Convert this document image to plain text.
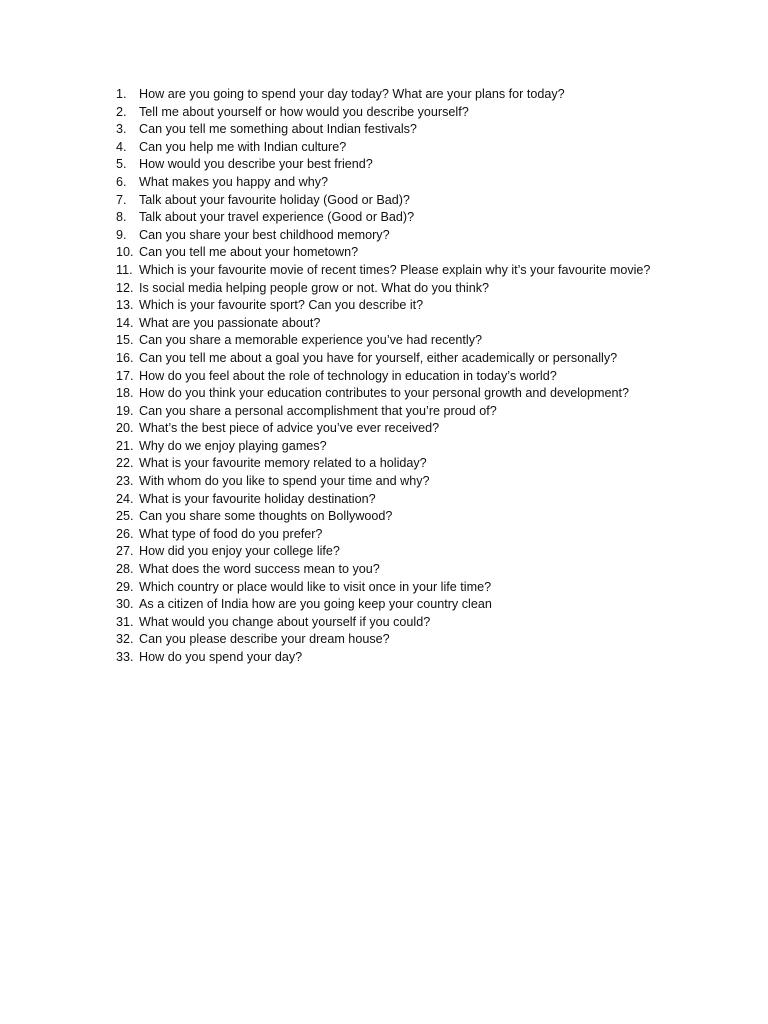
1. How are you going to spend your day today? What are your plans for today?
2. Tell me about yourself or how would you describe yourself?
3. Can you tell me something about Indian festivals?
4. Can you help me with Indian culture?
5. How would you describe your best friend?
6. What makes you happy and why?
7. Talk about your favourite holiday (Good or Bad)?
8. Talk about your travel experience (Good or Bad)?
9. Can you share your best childhood memory?
10. Can you tell me about your hometown?
11. Which is your favourite movie of recent times? Please explain why it’s your favourite movie?
12. Is social media helping people grow or not. What do you think?
13. Which is your favourite sport? Can you describe it?
14. What are you passionate about?
15. Can you share a memorable experience you’ve had recently?
16. Can you tell me about a goal you have for yourself, either academically or personally?
17. How do you feel about the role of technology in education in today’s world?
18. How do you think your education contributes to your personal growth and development?
19. Can you share a personal accomplishment that you’re proud of?
20. What’s the best piece of advice you’ve ever received?
21. Why do we enjoy playing games?
22. What is your favourite memory related to a holiday?
23. With whom do you like to spend your time and why?
24. What is your favourite holiday destination?
25. Can you share some thoughts on Bollywood?
26. What type of food do you prefer?
27. How did you enjoy your college life?
28. What does the word success mean to you?
29. Which country or place would like to visit once in your life time?
30. As a citizen of India how are you going keep your country clean
31. What would you change about yourself if you could?
32. Can you please describe your dream house?
33. How do you spend your day?
